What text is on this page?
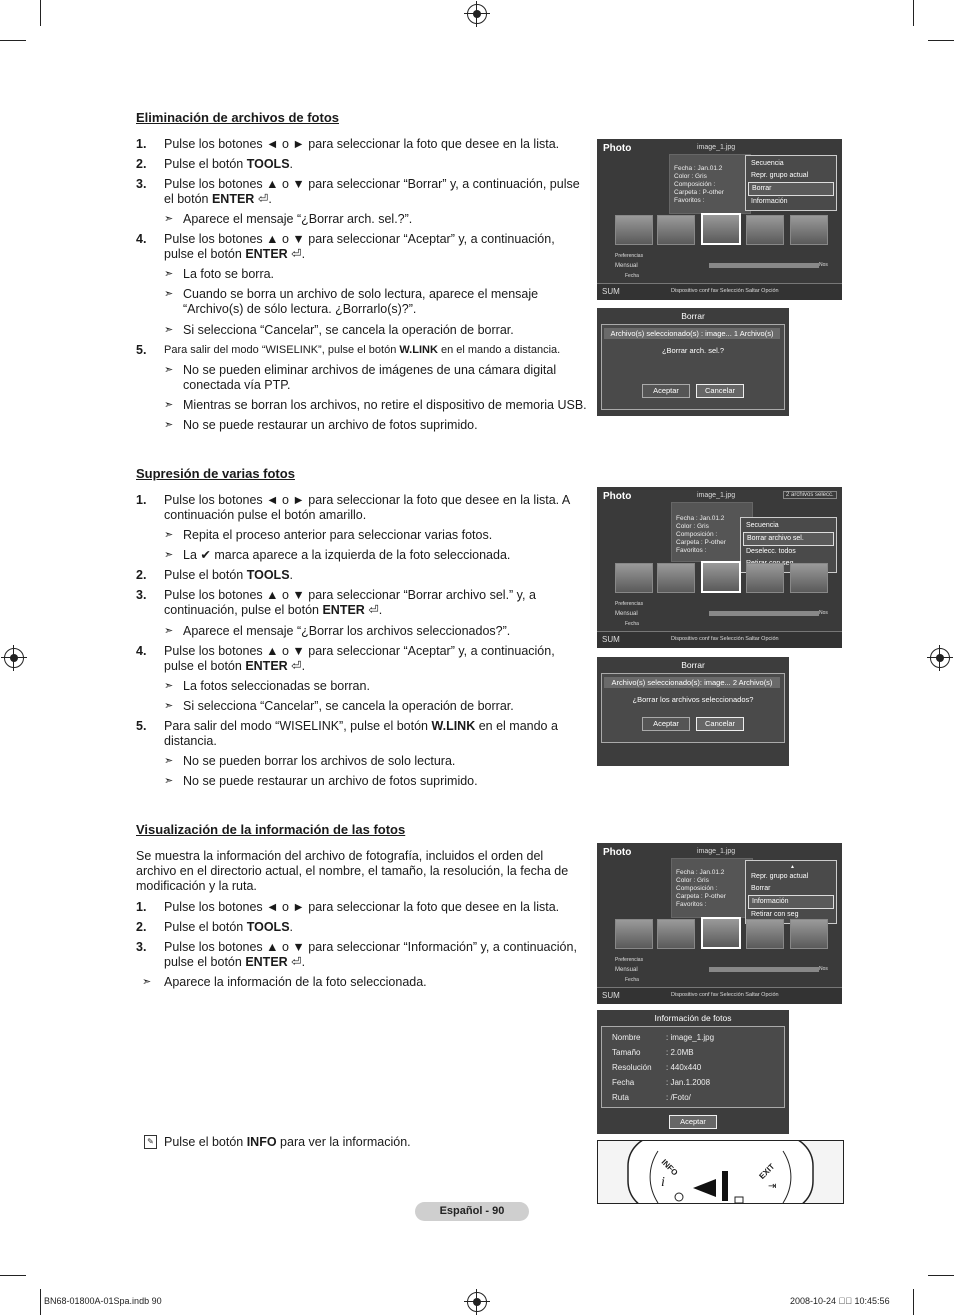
Eliminación de archivos de fotos
1.	Pulse los botones ◄ o ► para seleccionar la foto que desee en la lista.
2.	Pulse el botón TOOLS.
3.	Pulse los botones ▲ o ▼ para seleccionar “Borrar” y, a continuación, pulse el botón ENTER ⏎.
➣ Aparece el mensaje “¿Borrar arch. sel.?”.
4.	Pulse los botones ▲ o ▼ para seleccionar “Aceptar” y, a continuación, pulse el botón ENTER ⏎.
➣ La foto se borra.
➣ Cuando se borra un archivo de solo lectura, aparece el mensaje “Archivo(s) de sólo lectura. ¿Borrarlo(s)?”.
➣ Si selecciona “Cancelar”, se cancela la operación de borrar.
5.	Para salir del modo “WISELINK”, pulse el botón W.LINK en el mando a distancia.
➣ No se pueden eliminar archivos de imágenes de una cámara digital conectada vía PTP.
➣ Mientras se borran los archivos, no retire el dispositivo de memoria USB.
➣ No se puede restaurar un archivo de fotos suprimido.
Photo	image_1.jpg
Fecha : Jan.01.2
Color : Gris
Composición :
Carpeta : P-other
Favoritos :
Secuencia
Repr. grupo actual
Borrar
Información
Preferencias
Mensual	Nos
Fecha
SUM	Dispositivo conf fav Selección Saltar Opción
Borrar
Archivo(s) seleccionado(s) : image... 1 Archivo(s)
¿Borrar arch. sel.?
Aceptar	Cancelar
Supresión de varias fotos
1.	Pulse los botones ◄ o ► para seleccionar la foto que desee en la lista. A continuación pulse el botón amarillo.
➣ Repita el proceso anterior para seleccionar varias fotos.
➣ La ✔ marca aparece a la izquierda de la foto seleccionada.
2.	Pulse el botón TOOLS.
3.	Pulse los botones ▲ o ▼ para seleccionar “Borrar archivo sel.” y, a continuación, pulse el botón ENTER ⏎.
➣ Aparece el mensaje “¿Borrar los archivos seleccionados?”.
4.	Pulse los botones ▲ o ▼ para seleccionar “Aceptar” y, a continuación, pulse el botón ENTER ⏎.
➣ La fotos seleccionadas se borran.
➣ Si selecciona “Cancelar”, se cancela la operación de borrar.
5.	Para salir del modo “WISELINK”, pulse el botón W.LINK en el mando a distancia.
➣ No se pueden borrar los archivos de solo lectura.
➣ No se puede restaurar un archivo de fotos suprimido.
Photo	image_1.jpg	2 archivos selecc.
Fecha : Jan.01.2
Color : Gris
Composición :
Carpeta : P-other
Favoritos :
Secuencia
Borrar archivo sel.
Deselecc. todos
seg
Preferencias
Mensual	Nos
Fecha
SUM	Dispositivo conf fav Selección Saltar Opción
Borrar
Archivo(s) seleccionado(s): image... 2 Archivo(s)
¿Borrar los archivos seleccionados?
Aceptar	Cancelar
Visualización de la información de las fotos
Se muestra la información del archivo de fotografía, incluidos el orden del archivo en el directorio actual, el nombre, el tamaño, la resolución, la fecha de modificación y la ruta.
1.	Pulse los botones ◄ o ► para seleccionar la foto que desee en la lista.
2.	Pulse el botón TOOLS.
3.	Pulse los botones ▲ o ▼ para seleccionar “Información” y, a continuación, pulse el botón ENTER ⏎.
➣ Aparece la información de la foto seleccionada.
✎ Pulse el botón INFO para ver la información.
Photo	image_1.jpg
Fecha : Jan.01.2
Color : Gris
Composición :
Carpeta : P-other
Favoritos :
▲
Repr. grupo actual
Borrar
Información
Retirar con seg
Preferencias
Mensual	Nos
Fecha
SUM	Dispositivo conf fav Selección Saltar Opción
Información de fotos
Nombre	: image_1.jpg
Tamaño	: 2.0MB
Resolución : 440x440
Fecha	: Jan.1.2008
Ruta	: /Foto/
Aceptar
INFO
i
EXIT
⇥
Español - 90
BN68-01800A-01Spa.indb 90	2008-10-24 ￿￿ 10:45:56
